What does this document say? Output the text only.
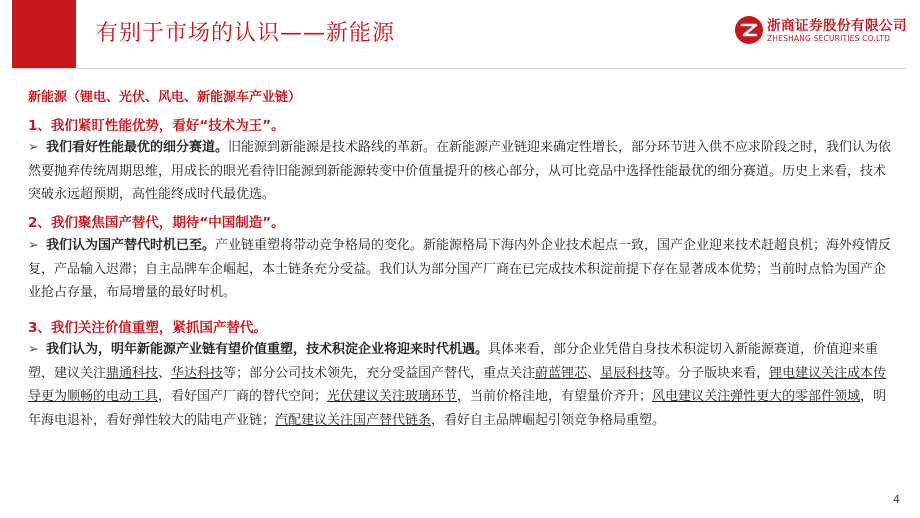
有别于市场的认识——新能源	浙商证券股份有限公司
ZHESHANG SECURITIES CO.LTD
新能源（锂电、光伏、风电、新能源车产业链）
1、我们紧盯性能优势，看好“技术为王”。
➢ 我们看好性能最优的细分赛道。旧能源到新能源是技术路线的革新。在新能源产业链迎来确定性增长，部分环节进入供不应求阶段之时，我们认为依然要抛弃传统周期思维，用成长的眼光看待旧能源到新能源转变中价值量提升的核心部分，从可比竞品中选择性能最优的细分赛道。历史上来看，技术突破永远超预期，高性能终成时代最优选。
2、我们聚焦国产替代，期待“中国制造”。
➢ 我们认为国产替代时机已至。产业链重塑将带动竞争格局的变化。新能源格局下海内外企业技术起点一致，国产企业迎来技术赶超良机；海外疫情反复，产品输入迟滞；自主品牌车企崛起，本土链条充分受益。我们认为部分国产厂商在已完成技术积淀前提下存在显著成本优势；当前时点恰为国产企业抢占存量，布局增量的最好时机。
3、我们关注价值重塑，紧抓国产替代。
➢ 我们认为，明年新能源产业链有望价值重塑，技术积淀企业将迎来时代机遇。具体来看，部分企业凭借自身技术积淀切入新能源赛道，价值迎来重塑，建议关注鼎通科技、华达科技等；部分公司技术领先，充分受益国产替代，重点关注蔚蓝锂芯、星辰科技等。分子版块来看，锂电建议关注成本传导更为顺畅的电动工具，看好国产厂商的替代空间；光伏建议关注玻璃环节，当前价格洼地，有望量价齐升；风电建议关注弹性更大的零部件领域，明年海电退补，看好弹性较大的陆电产业链；汽配建议关注国产替代链条，看好自主品牌崛起引领竞争格局重塑。
4
